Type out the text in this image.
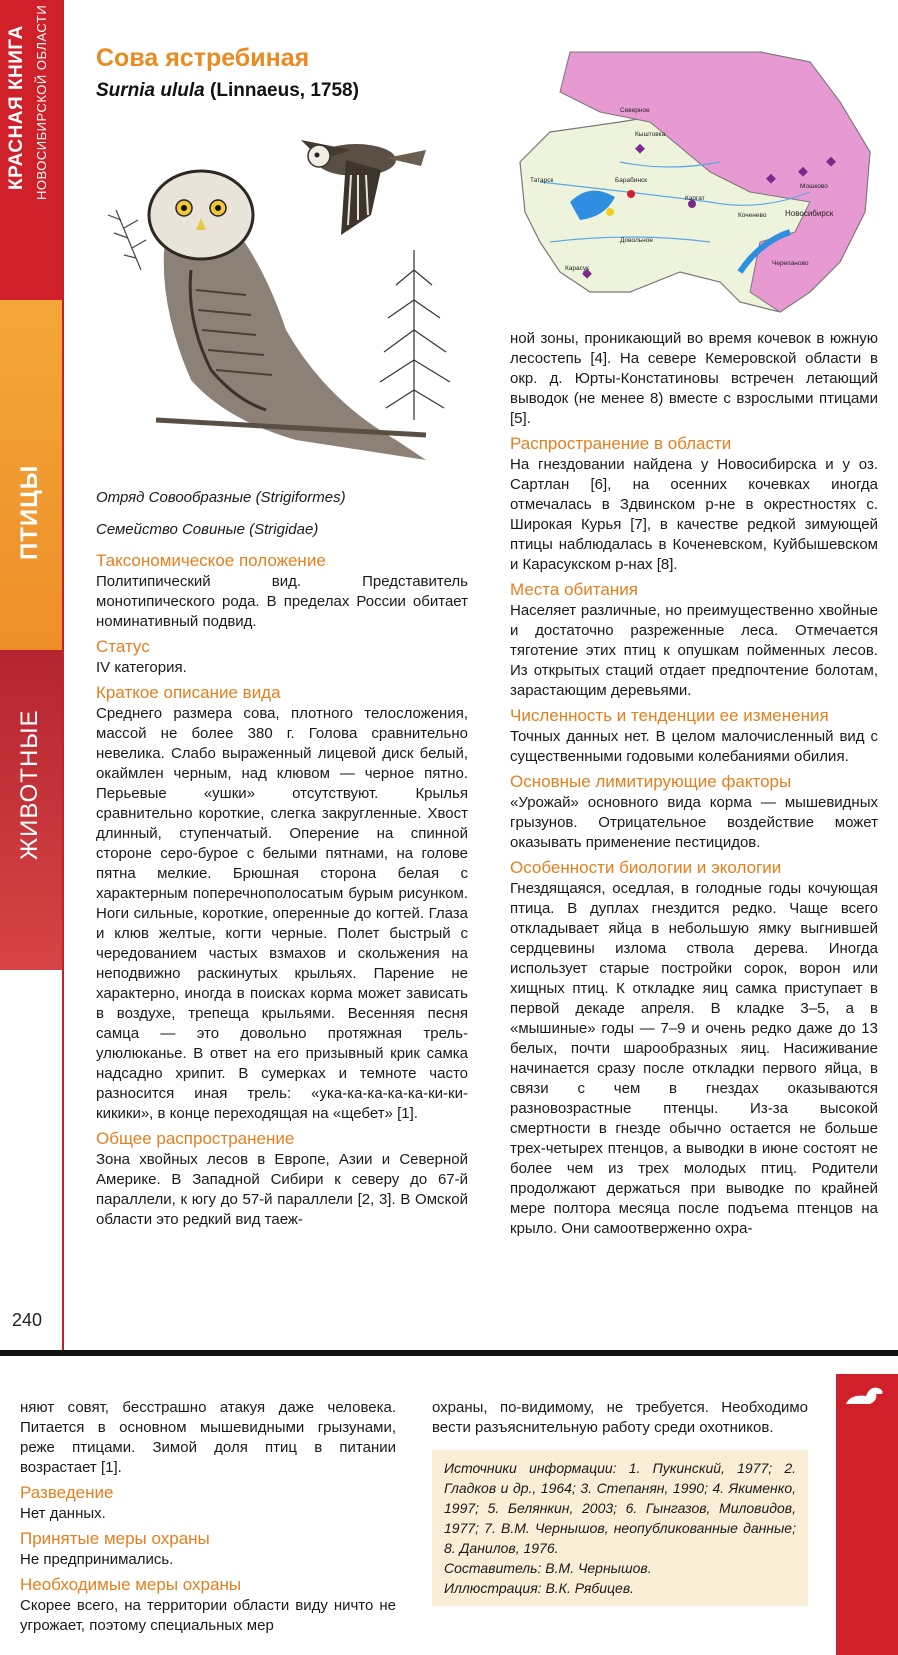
КРАСНАЯ КНИГА НОВОСИБИРСКОЙ ОБЛАСТИ
ПТИЦЫ
ЖИВОТНЫЕ
240
Сова ястребиная
Surnia ulula (Linnaeus, 1758)
Северное
Татарск	Барабинск
Каргат
Мошково
Коченево Новосибирск
Довольное
Карасук
Черепаново
Кыштовка
Отряд Совообразные (Strigiformes)
Семейство Совиные (Strigidae)
Таксономическое положение

Политипический вид. Представитель монотипического рода. В пределах России обитает номинативный подвид.

Статус

IV категория.

Краткое описание вида

Среднего размера сова, плотного телосложения, массой не более 380 г. Голова сравнительно невелика. Слабо выраженный лицевой диск белый, окаймлен черным, над клювом — черное пятно. Перьевые «ушки» отсутствуют. Крылья сравнительно короткие, слегка закругленные. Хвост длинный, ступенчатый. Оперение на спинной стороне серо-бурое с белыми пятнами, на голове пятна мелкие. Брюшная сторона белая с характерным поперечнополосатым бурым рисунком. Ноги сильные, короткие, оперенные до когтей. Глаза и клюв желтые, когти черные. Полет быстрый с чередованием частых взмахов и скольжения на неподвижно раскинутых крыльях. Парение не характерно, иногда в поисках корма может зависать в воздухе, трепеща крыльями. Весенняя песня самца — это довольно протяжная трель-улюлюканье. В ответ на его призывный крик самка надсадно хрипит. В сумерках и темноте часто разносится иная трель: «ука-ка-ка-ка-ка-ки-ки-кикики», в конце переходящая на «щебет» [1].

Общее распространение

Зона хвойных лесов в Европе, Азии и Северной Америке. В Западной Сибири к северу до 67-й параллели, к югу до 57-й параллели [2, 3]. В Омской области это редкий вид таеж-

ной зоны, проникающий во время кочевок в южную лесостепь [4]. На севере Кемеровской области в окр. д. Юрты-Констатиновы встречен летающий выводок (не менее 8) вместе с взрослыми птицами [5].

Распространение в области

На гнездовании найдена у Новосибирска и у оз. Сартлан [6], на осенних кочевках иногда отмечалась в Здвинском р-не в окрестностях с. Широкая Курья [7], в качестве редкой зимующей птицы наблюдалась в Коченевском, Куйбышевском и Карасукском р-нах [8].

Места обитания

Населяет различные, но преимущественно хвойные и достаточно разреженные леса. Отмечается тяготение этих птиц к опушкам пойменных лесов. Из открытых стаций отдает предпочтение болотам, зарастающим деревьями.

Численность и тенденции ее изменения

Точных данных нет. В целом малочисленный вид с существенными годовыми колебаниями обилия.

Основные лимитирующие факторы

«Урожай» основного вида корма — мышевидных грызунов. Отрицательное воздействие может оказывать применение пестицидов.

Особенности биологии и экологии

Гнездящаяся, оседлая, в голодные годы кочующая птица. В дуплах гнездится редко. Чаще всего откладывает яйца в небольшую ямку выгнившей сердцевины излома ствола дерева. Иногда использует старые постройки сорок, ворон или хищных птиц. К откладке яиц самка приступает в первой декаде апреля. В кладке 3–5, а в «мышиные» годы — 7–9 и очень редко даже до 13 белых, почти шарообразных яиц. Насиживание начинается сразу после откладки первого яйца, в связи с чем в гнездах оказываются разновозрастные птенцы. Из-за высокой смертности в гнезде обычно остается не больше трех-четырех птенцов, а выводки в июне состоят не более чем из трех молодых птиц. Родители продолжают держаться при выводке по крайней мере полтора месяца после подъема птенцов на крыло. Они самоотверженно охра-

няют совят, бесстрашно атакуя даже человека. Питается в основном мышевидными грызунами, реже птицами. Зимой доля птиц в питании возрастает [1].

Разведение

Нет данных.

Принятые меры охраны

Не предпринимались.

Необходимые меры охраны

Скорее всего, на территории области виду ничто не угрожает, поэтому специальных мер

охраны, по-видимому, не требуется. Необходимо вести разъяснительную работу среди охотников.

Источники информации: 1. Пукинский, 1977; 2. Гладков и др., 1964; 3. Степанян, 1990; 4. Якименко, 1997; 5. Белянкин, 2003; 6. Гынгазов, Миловидов, 1977; 7. В.М. Чернышов, неопубликованные данные; 8. Данилов, 1976.

Составитель: В.М. Чернышов.

Иллюстрация: В.К. Рябицев.
